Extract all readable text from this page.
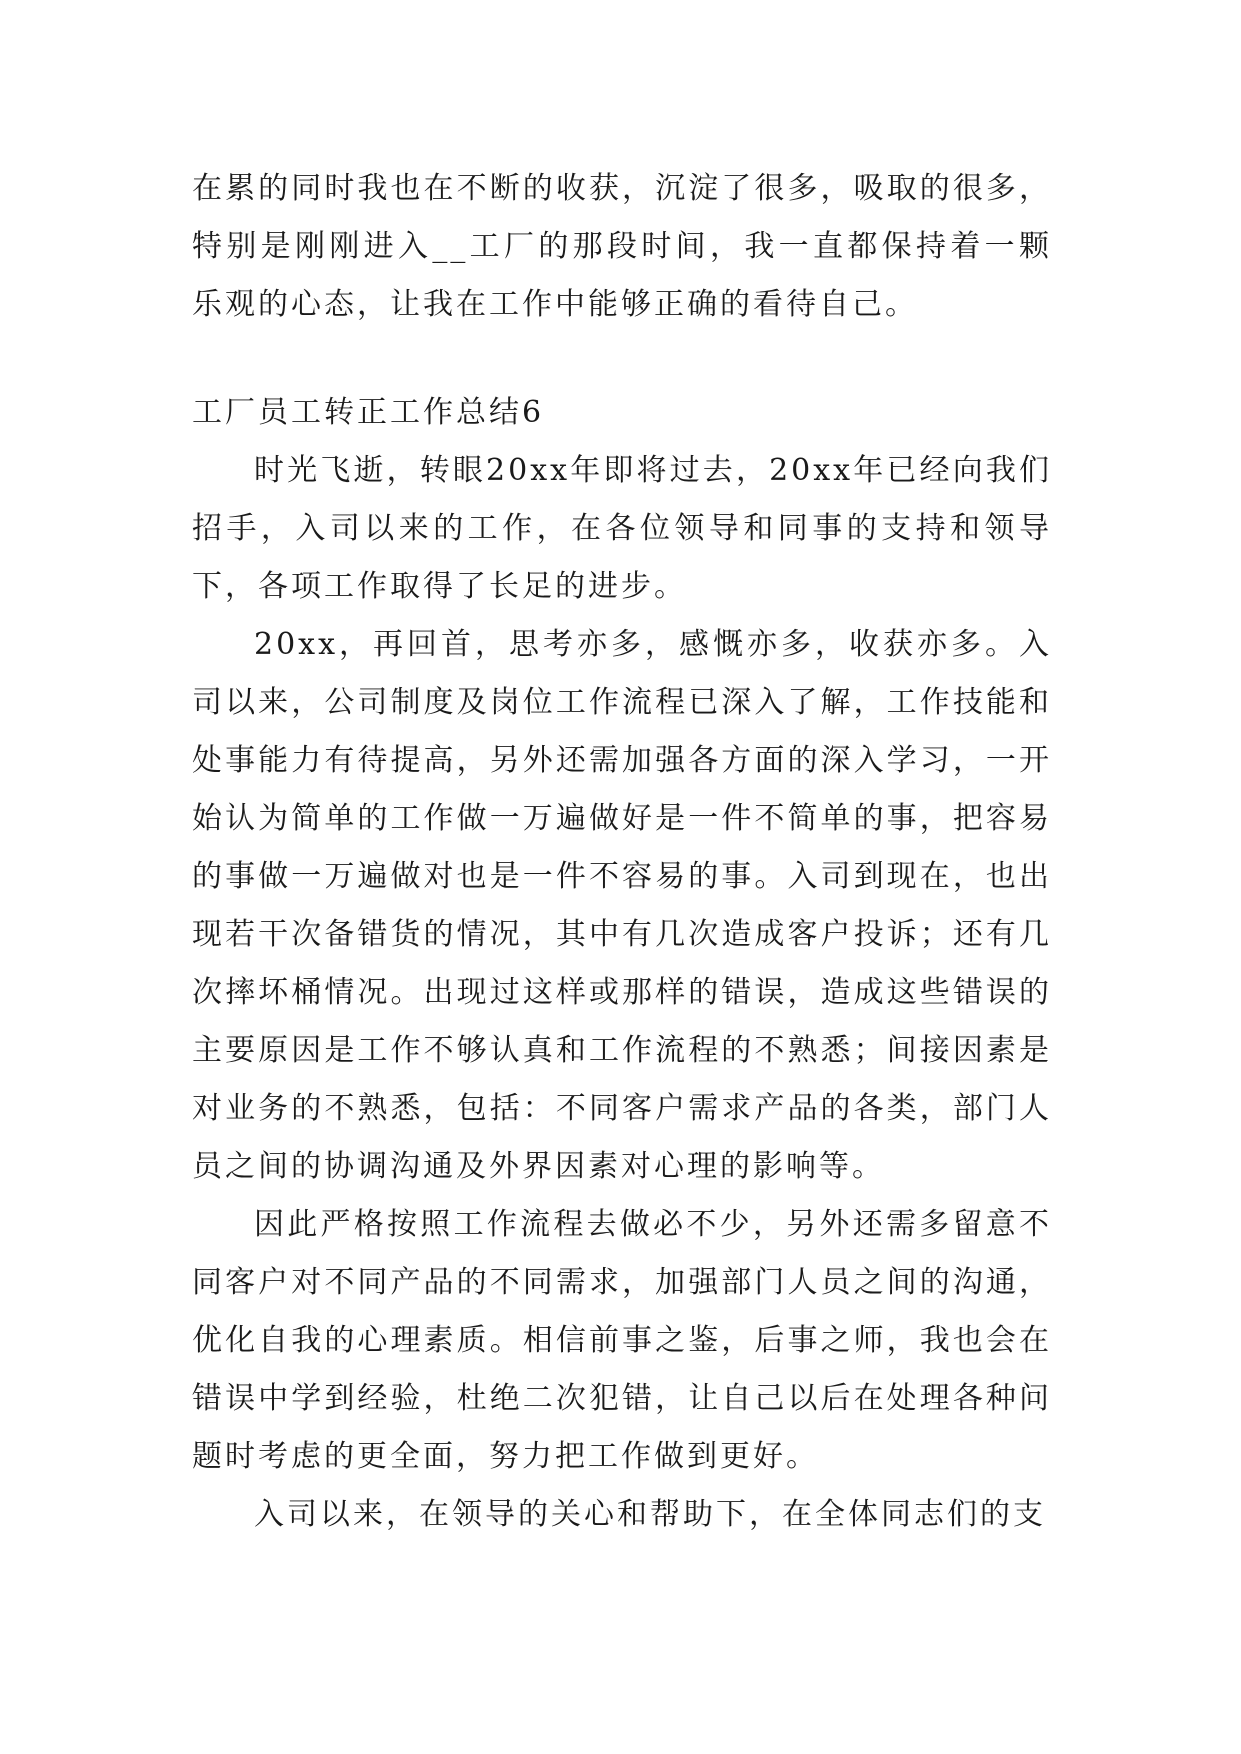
在累的同时我也在不断的收获，沉淀了很多，吸取的很多，特别是刚刚进入__工厂的那段时间，我一直都保持着一颗乐观的心态，让我在工作中能够正确的看待自己。

工厂员工转正工作总结6

时光飞逝，转眼20xx年即将过去，20xx年已经向我们招手，入司以来的工作，在各位领导和同事的支持和领导下，各项工作取得了长足的进步。

20xx，再回首，思考亦多，感慨亦多，收获亦多。入司以来，公司制度及岗位工作流程已深入了解，工作技能和处事能力有待提高，另外还需加强各方面的深入学习，一开始认为简单的工作做一万遍做好是一件不简单的事，把容易的事做一万遍做对也是一件不容易的事。入司到现在，也出现若干次备错货的情况，其中有几次造成客户投诉；还有几次摔坏桶情况。出现过这样或那样的错误，造成这些错误的主要原因是工作不够认真和工作流程的不熟悉；间接因素是对业务的不熟悉，包括：不同客户需求产品的各类，部门人员之间的协调沟通及外界因素对心理的影响等。

因此严格按照工作流程去做必不少，另外还需多留意不同客户对不同产品的不同需求，加强部门人员之间的沟通，优化自我的心理素质。相信前事之鉴，后事之师，我也会在错误中学到经验，杜绝二次犯错，让自己以后在处理各种问题时考虑的更全面，努力把工作做到更好。

入司以来，在领导的关心和帮助下，在全体同志们的支
